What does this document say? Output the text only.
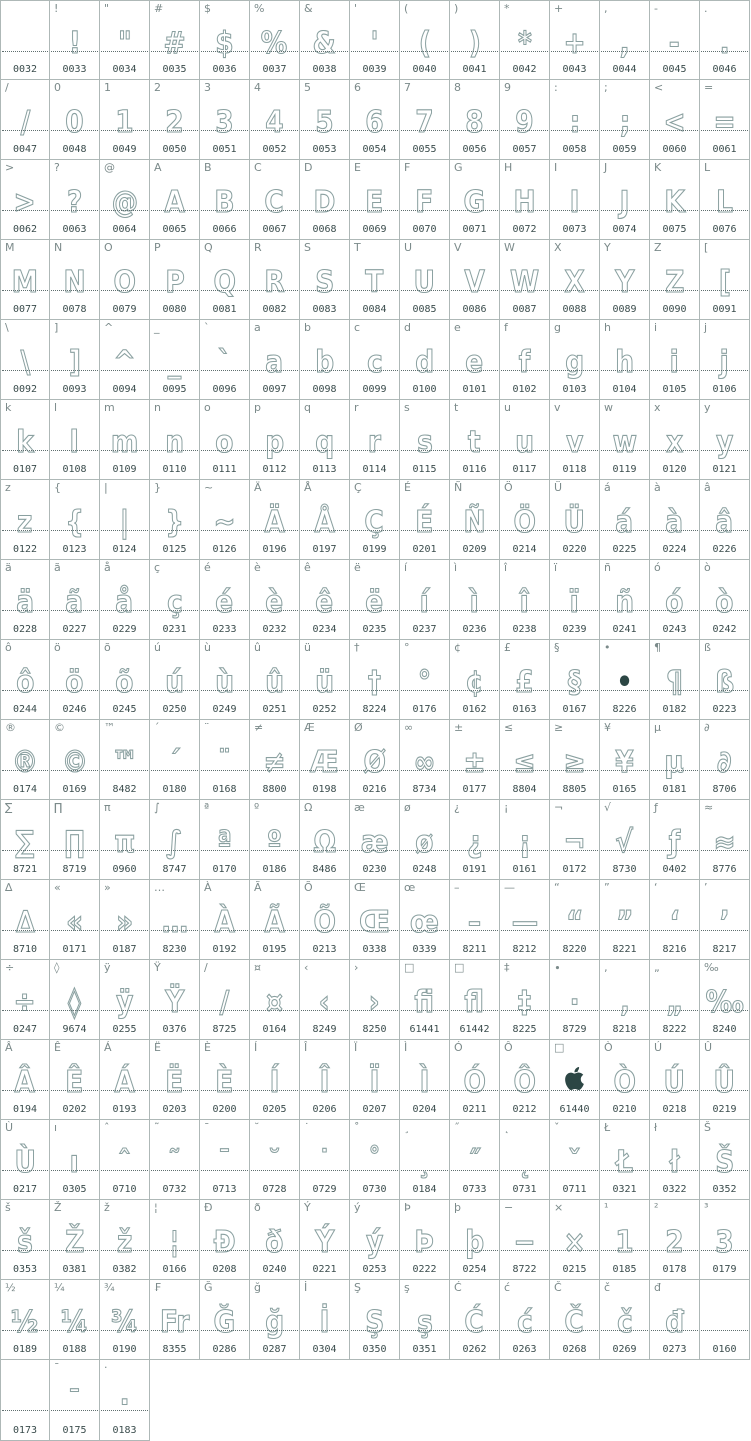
0032
!
!
0033
"
"
0034
#
#
0035
$
$
0036
%
%
0037
&
&
0038
'
'
0039
(
(
0040
)
)
0041
*
*
0042
+
+
0043
,
,
0044
-
-
0045
.
.
0046
/
/
0047
0
0
0048
1
1
0049
2
2
0050
3
3
0051
4
4
0052
5
5
0053
6
6
0054
7
7
0055
8
8
0056
9
9
0057
:
:
0058
;
;
0059
<
<
0060
=
=
0061
>
>
0062
?
?
0063
@
@
0064
A
A
0065
B
B
0066
C
C
0067
D
D
0068
E
E
0069
F
F
0070
G
G
0071
H
H
0072
I
I
0073
J
J
0074
K
K
0075
L
L
0076
M
M
0077
N
N
0078
O
O
0079
P
P
0080
Q
Q
0081
R
R
0082
S
S
0083
T
T
0084
U
U
0085
V
V
0086
W
W
0087
X
X
0088
Y
Y
0089
Z
Z
0090
[
[
0091
\
\
0092
]
]
0093
^
^
0094
_
_
0095
`
`
0096
a
a
0097
b
b
0098
c
c
0099
d
d
0100
e
e
0101
f
f
0102
g
g
0103
h
h
0104
i
i
0105
j
j
0106
k
k
0107
l
l
0108
m
m
0109
n
n
0110
o
o
0111
p
p
0112
q
q
0113
r
r
0114
s
s
0115
t
t
0116
u
u
0117
v
v
0118
w
w
0119
x
x
0120
y
y
0121
z
z
0122
{
{
0123
|
|
0124
}
}
0125
~
~
0126
Ä
Ä
0196
Å
Å
0197
Ç
Ç
0199
É
É
0201
Ñ
Ñ
0209
Ö
Ö
0214
Ü
Ü
0220
á
á
0225
à
à
0224
â
â
0226
ä
ä
0228
ã
ã
0227
å
å
0229
ç
ç
0231
é
é
0233
è
è
0232
ê
ê
0234
ë
ë
0235
í
í
0237
ì
ì
0236
î
î
0238
ï
ï
0239
ñ
ñ
0241
ó
ó
0243
ò
ò
0242
ô
ô
0244
ö
ö
0246
õ
õ
0245
ú
ú
0250
ù
ù
0249
û
û
0251
ü
ü
0252
†
†
8224
°
°
0176
¢
¢
0162
£
£
0163
§
§
0167
•
•
8226
¶
¶
0182
ß
ß
0223
®
®
0174
©
©
0169
™
™
8482
´
´
0180
¨
¨
0168
≠
≠
8800
Æ
Æ
0198
Ø
Ø
0216
∞
∞
8734
±
±
0177
≤
≤
8804
≥
≥
8805
¥
¥
0165
µ
µ
0181
∂
∂
8706
∑
∑
8721
∏
∏
8719
π
π
0960
∫
∫
8747
ª
ª
0170
º
º
0186
Ω
Ω
8486
æ
æ
0230
ø
ø
0248
¿
¿
0191
¡
¡
0161
¬
¬
0172
√
√
8730
ƒ
ƒ
0402
≈
≈
8776
∆
∆
8710
«
«
0171
»
»
0187
…
…
8230
À
À
0192
Ã
Ã
0195
Õ
Õ
0213
Œ
Œ
0338
œ
œ
0339
–
–
8211
—
—
8212
“
“
8220
”
”
8221
‘
‘
8216
’
’
8217
÷
÷
0247
◊
◊
9674
ÿ
ÿ
0255
Ÿ
Ÿ
0376
∕
∕
8725
¤
¤
0164
‹
‹
8249
›
›
8250
□
ﬁ
61441
□
ﬂ
61442
‡
‡
8225
∙
∙
8729
‚
‚
8218
„
„
8222
‰
‰
8240
Â
Â
0194
Ê
Ê
0202
Á
Á
0193
Ë
Ë
0203
È
È
0200
Í
Í
0205
Î
Î
0206
Ï
Ï
0207
Ì
Ì
0204
Ó
Ó
0211
Ô
Ô
0212
□
61440
Ò
Ò
0210
Ú
Ú
0218
Û
Û
0219
Ù
Ù
0217
ı
ı
0305
ˆ
ˆ
0710
˜
˜
0732
ˉ
ˉ
0713
˘
˘
0728
˙
˙
0729
˚
˚
0730
¸
¸
0184
˝
˝
0733
˛
˛
0731
ˇ
ˇ
0711
Ł
Ł
0321
ł
ł
0322
Š
Š
0352
š
š
0353
Ž
Ž
0381
ž
ž
0382
¦
¦
0166
Ð
Ð
0208
ð
ð
0240
Ý
Ý
0221
ý
ý
0253
Þ
Þ
0222
þ
þ
0254
−
−
8722
×
×
0215
¹
1
0185
²
2
0178
³
3
0179
½
½
0189
¼
¼
0188
¾
¾
0190
₣
Fr
8355
Ğ
Ğ
0286
ğ
ğ
0287
İ
İ
0304
Ş
Ş
0350
ş
ş
0351
Ć
Ć
0262
ć
ć
0263
Č
Č
0268
č
č
0269
đ
đ
0273	0160
0173
¯
¯
0175
·
·
0183
